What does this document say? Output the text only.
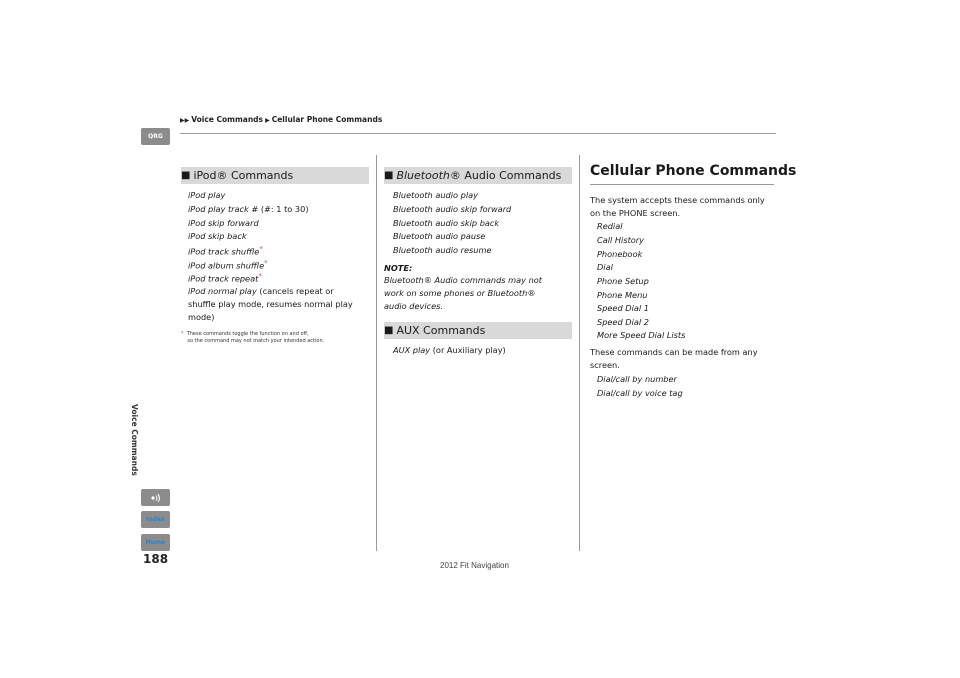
▶▶ Voice Commands ▶ Cellular Phone Commands
QRG
Voice Commands
Index
Home
188
■ iPod® Commands
iPod play
iPod play track # (#: 1 to 30)
iPod skip forward
iPod skip back
iPod track shuffle*
iPod album shuffle*
iPod track repeat*
iPod normal play (cancels repeat or
shuffle play mode, resumes normal play
mode)
* These commands toggle the function on and off,
so the command may not match your intended action.
■ Bluetooth ® Audio Commands
Bluetooth audio play
Bluetooth audio skip forward
Bluetooth audio skip back
Bluetooth audio pause
Bluetooth audio resume
NOTE:
Bluetooth® Audio commands may not
work on some phones or Bluetooth®
audio devices.
■ AUX Commands
AUX play (or Auxiliary play)
Cellular Phone Commands
The system accepts these commands only
on the PHONE screen.
Redial
Call History
Phonebook
Dial
Phone Setup
Phone Menu
Speed Dial 1
Speed Dial 2
More Speed Dial Lists
These commands can be made from any
screen.
Dial/call by number
Dial/call by voice tag
2012 Fit Navigation
